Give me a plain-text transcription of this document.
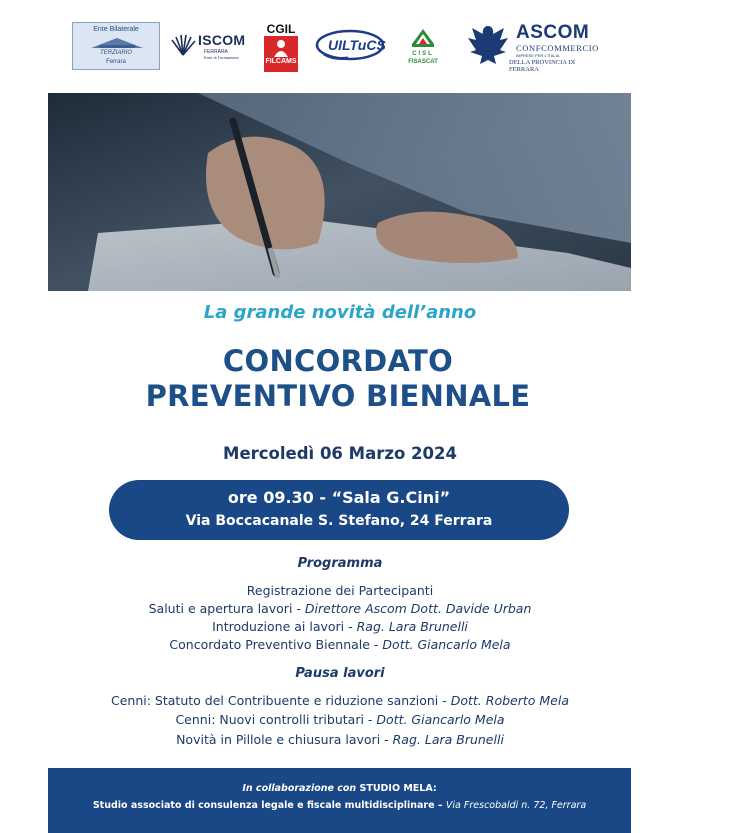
Ente Bilaterale
TERZIARIO
Ferrara
ISCOM
FERRARA
Ente di Formazione
CGIL
FILCAMS
UILTuCS
CISL
FISASCAT
ASCOM
CONFCOMMERCIO
IMPRESE PER L'ITALIA
DELLA PROVINCIA DI FERRARA
La grande novità dell’anno
CONCORDATO
PREVENTIVO BIENNALE
Mercoledì 06 Marzo 2024
ore 09.30 - “Sala G.Cini”
Via Boccacanale S. Stefano, 24 Ferrara
Programma
Registrazione dei Partecipanti
Saluti e apertura lavori - Direttore Ascom Dott. Davide Urban
Introduzione ai lavori - Rag. Lara Brunelli
Concordato Preventivo Biennale - Dott. Giancarlo Mela
Pausa lavori
Cenni: Statuto del Contribuente e riduzione sanzioni - Dott. Roberto Mela
Cenni: Nuovi controlli tributari - Dott. Giancarlo Mela
Novità in Pillole e chiusura lavori - Rag. Lara Brunelli
In collaborazione con STUDIO MELA:
Studio associato di consulenza legale e fiscale multidisciplinare – Via Frescobaldi n. 72, Ferrara
